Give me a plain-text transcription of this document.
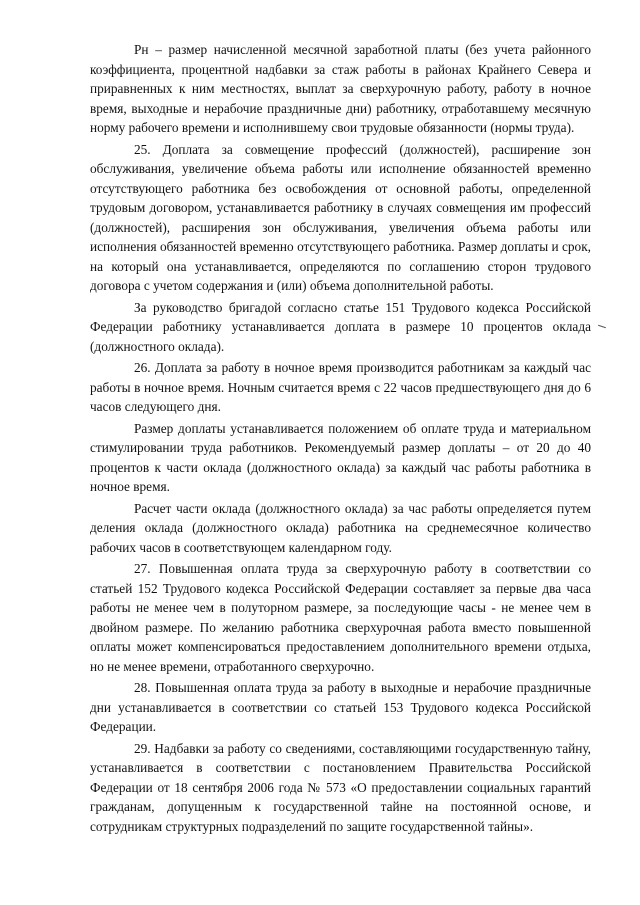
Рн – размер начисленной месячной заработной платы (без учета районного коэффициента, процентной надбавки за стаж работы в районах Крайнего Севера и приравненных к ним местностях, выплат за сверхурочную работу, работу в ночное время, выходные и нерабочие праздничные дни) работнику, отработавшему месячную норму рабочего времени и исполнившему свои трудовые обязанности (нормы труда).

25. Доплата за совмещение профессий (должностей), расширение зон обслуживания, увеличение объема работы или исполнение обязанностей временно отсутствующего работника без освобождения от основной работы, определенной трудовым договором, устанавливается работнику в случаях совмещения им профессий (должностей), расширения зон обслуживания, увеличения объема работы или исполнения обязанностей временно отсутствующего работника. Размер доплаты и срок, на который она устанавливается, определяются по соглашению сторон трудового договора с учетом содержания и (или) объема дополнительной работы.

За руководство бригадой согласно статье 151 Трудового кодекса Российской Федерации работнику устанавливается доплата в размере 10 процентов оклада (должностного оклада).

26. Доплата за работу в ночное время производится работникам за каждый час работы в ночное время. Ночным считается время с 22 часов предшествующего дня до 6 часов следующего дня.

Размер доплаты устанавливается положением об оплате труда и материальном стимулировании труда работников. Рекомендуемый размер доплаты – от 20 до 40 процентов к части оклада (должностного оклада) за каждый час работы работника в ночное время.

Расчет части оклада (должностного оклада) за час работы определяется путем деления оклада (должностного оклада) работника на среднемесячное количество рабочих часов в соответствующем календарном году.

27. Повышенная оплата труда за сверхурочную работу в соответствии со статьей 152 Трудового кодекса Российской Федерации составляет за первые два часа работы не менее чем в полуторном размере, за последующие часы - не менее чем в двойном размере. По желанию работника сверхурочная работа вместо повышенной оплаты может компенсироваться предоставлением дополнительного времени отдыха, но не менее времени, отработанного сверхурочно.

28. Повышенная оплата труда за работу в выходные и нерабочие праздничные дни устанавливается в соответствии со статьей 153 Трудового кодекса Российской Федерации.

29. Надбавки за работу со сведениями, составляющими государственную тайну, устанавливается в соответствии с постановлением Правительства Российской Федерации от 18 сентября 2006 года № 573 «О предоставлении социальных гарантий гражданам, допущенным к государственной тайне на постоянной основе, и сотрудникам структурных подразделений по защите государственной тайны».
